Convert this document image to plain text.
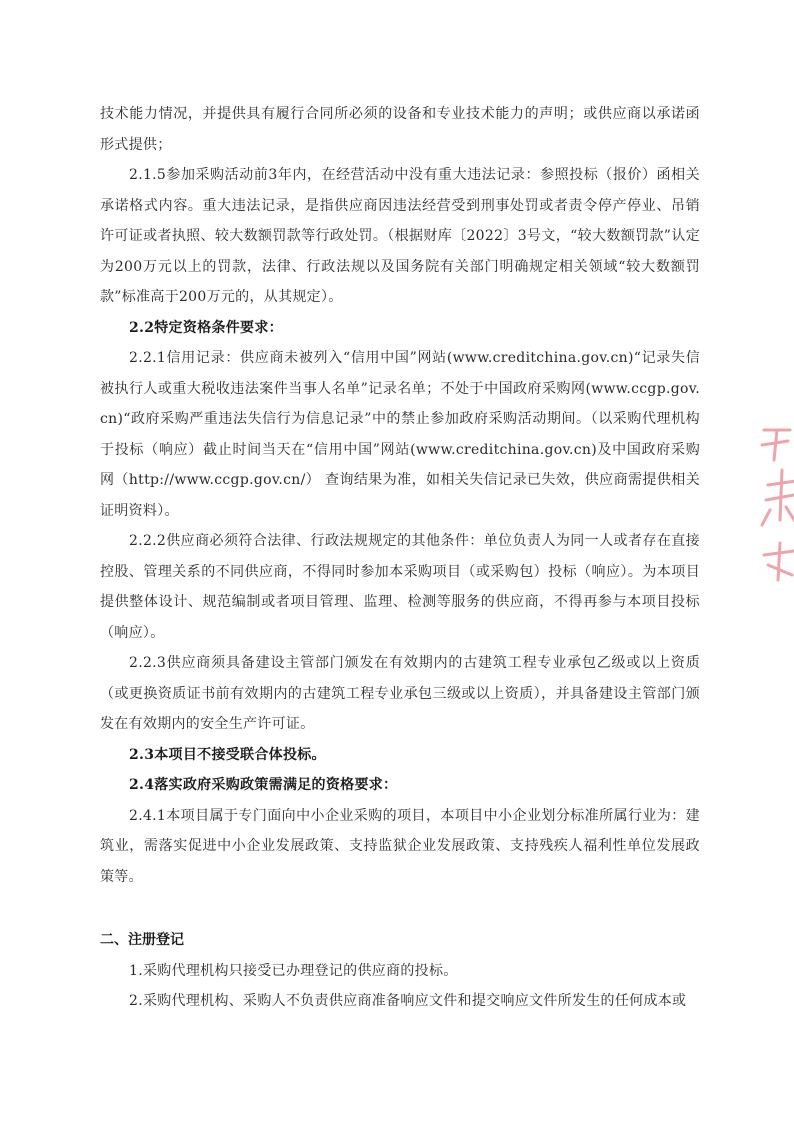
技术能力情况，并提供具有履行合同所必须的设备和专业技术能力的声明；或供应商以承诺函形式提供；

2.1.5参加采购活动前3年内，在经营活动中没有重大违法记录：参照投标（报价）函相关承诺格式内容。重大违法记录，是指供应商因违法经营受到刑事处罚或者责令停产停业、吊销许可证或者执照、较大数额罚款等行政处罚。（根据财库〔2022〕3号文，“较大数额罚款”认定为200万元以上的罚款，法律、行政法规以及国务院有关部门明确规定相关领域“较大数额罚款”标准高于200万元的，从其规定）。

2.2特定资格条件要求：

2.2.1信用记录：供应商未被列入“信用中国”网站(www.creditchina.gov.cn)“记录失信被执行人或重大税收违法案件当事人名单”记录名单；不处于中国政府采购网(www.ccgp.gov.cn)“政府采购严重违法失信行为信息记录”中的禁止参加政府采购活动期间。（以采购代理机构于投标（响应）截止时间当天在“信用中国”网站(www.creditchina.gov.cn)及中国政府采购网（http://www.ccgp.gov.cn/） 查询结果为准，如相关失信记录已失效，供应商需提供相关证明资料）。

2.2.2供应商必须符合法律、行政法规规定的其他条件：单位负责人为同一人或者存在直接控股、管理关系的不同供应商，不得同时参加本采购项目（或采购包）投标（响应）。为本项目提供整体设计、规范编制或者项目管理、监理、检测等服务的供应商，不得再参与本项目投标（响应）。

2.2.3供应商须具备建设主管部门颁发在有效期内的古建筑工程专业承包乙级或以上资质（或更换资质证书前有效期内的古建筑工程专业承包三级或以上资质），并具备建设主管部门颁发在有效期内的安全生产许可证。

2.3本项目不接受联合体投标。

2.4落实政府采购政策需满足的资格要求：

2.4.1本项目属于专门面向中小企业采购的项目，本项目中小企业划分标准所属行业为：建筑业，需落实促进中小企业发展政策、支持监狱企业发展政策、支持残疾人福利性单位发展政策等。

二、注册登记

1.采购代理机构只接受已办理登记的供应商的投标。

2.采购代理机构、采购人不负责供应商准备响应文件和提交响应文件所发生的任何成本或
